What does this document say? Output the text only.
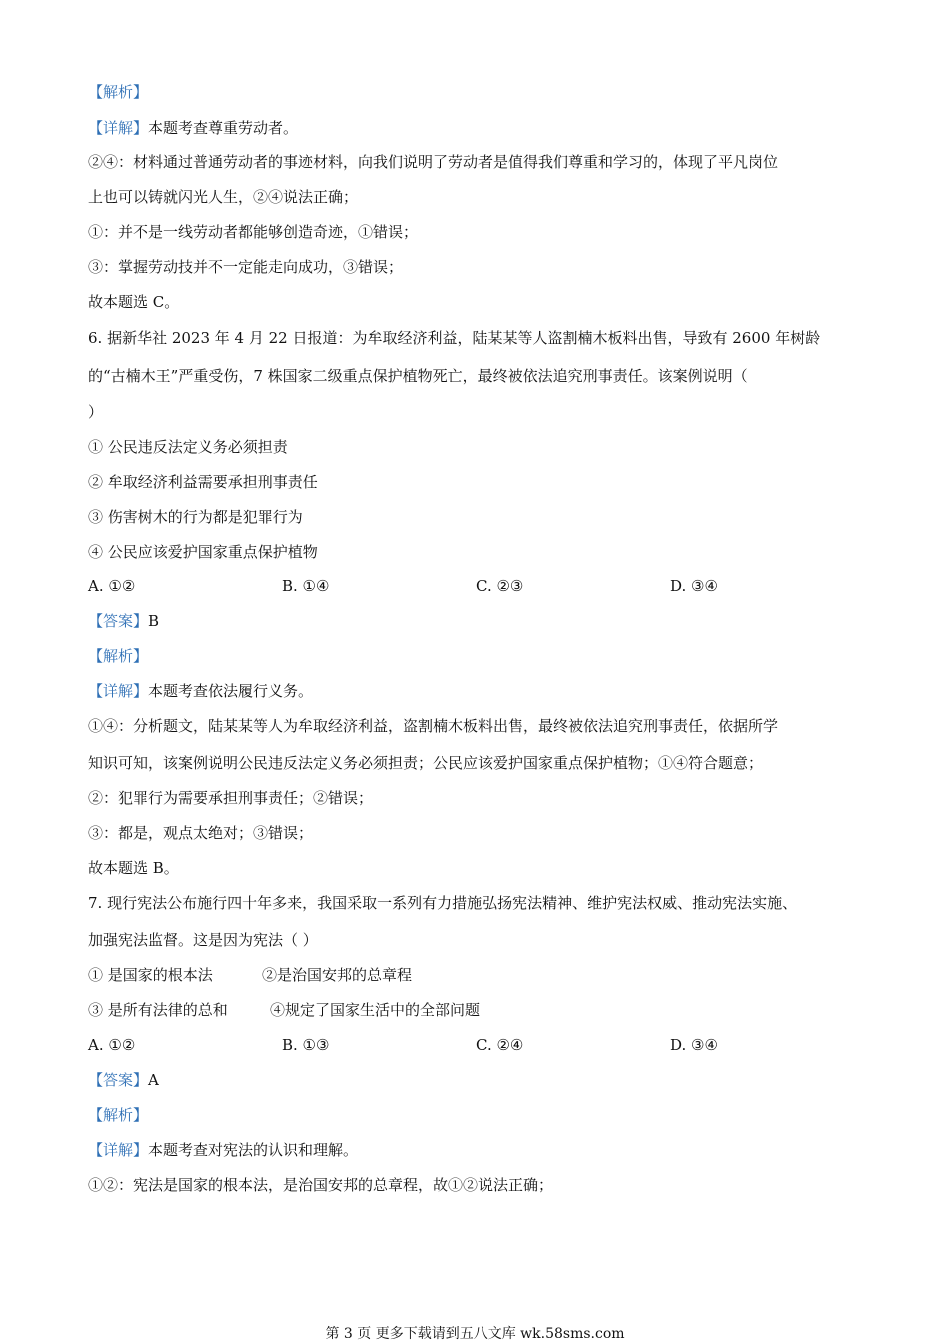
【解析】
【详解】本题考查尊重劳动者。
②④：材料通过普通劳动者的事迹材料，向我们说明了劳动者是值得我们尊重和学习的，体现了平凡岗位
上也可以铸就闪光人生，②④说法正确；
①：并不是一线劳动者都能够创造奇迹，①错误；
③：掌握劳动技并不一定能走向成功，③错误；
故本题选 C。
6. 据新华社 2023 年 4 月 22 日报道：为牟取经济利益，陆某某等人盗割楠木板料出售，导致有 2600 年树龄
的“古楠木王”严重受伤，7 株国家二级重点保护植物死亡，最终被依法追究刑事责任。该案例说明（
）
① 公民违反法定义务必须担责
② 牟取经济利益需要承担刑事责任
③ 伤害树木的行为都是犯罪行为
④ 公民应该爱护国家重点保护植物
A. ①②	B. ①④	C. ②③	D. ③④
【答案】B
【解析】
【详解】本题考查依法履行义务。
①④：分析题文，陆某某等人为牟取经济利益，盗割楠木板料出售，最终被依法追究刑事责任，依据所学
知识可知，该案例说明公民违反法定义务必须担责；公民应该爱护国家重点保护植物；①④符合题意；
②：犯罪行为需要承担刑事责任；②错误；
③：都是，观点太绝对；③错误；
故本题选 B。
7. 现行宪法公布施行四十年多来，我国采取一系列有力措施弘扬宪法精神、维护宪法权威、推动宪法实施、
加强宪法监督。这是因为宪法（ ）
① 是国家的根本法	②是治国安邦的总章程
③ 是所有法律的总和	④规定了国家生活中的全部问题
A. ①②	B. ①③	C. ②④	D. ③④
【答案】A
【解析】
【详解】本题考查对宪法的认识和理解。
①②：宪法是国家的根本法，是治国安邦的总章程，故①②说法正确；
第 3 页 更多下载请到五八文库 wk.58sms.com
